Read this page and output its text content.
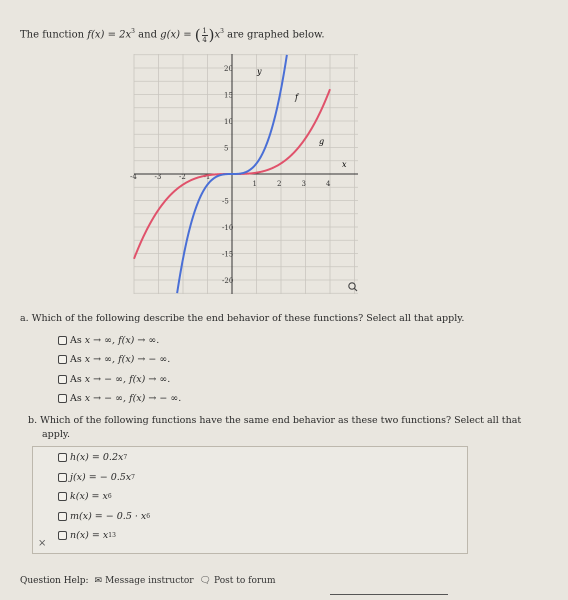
The function $f(x) = 2x^3$ and g(x) = ( $\frac{1}{4} )x^3$ are graphed below.
-4	-3	-2	-1
1	2	3	4
20
15
10
5
-5
-10
-15
-20
y
x
f
g
a. Which of the following describe the end behavior of these functions? Select all that apply.
As
x → ∞, f(x) → ∞.
As
x → ∞, f(x) → − ∞.
As
x → − ∞, f(x) → ∞.
As
x → − ∞, f(x) → − ∞.
b. Which of the following functions have the same end behavior as these two functions? Select all that
apply.
h(x) = 0.2x 7
j(x) = − 0.5x 7
k(x) = x 6
m(x) = − 0.5 · x 6
n(x) = x 13
×
Question Help: ✉ Message instructor 🗨 Post to forum
